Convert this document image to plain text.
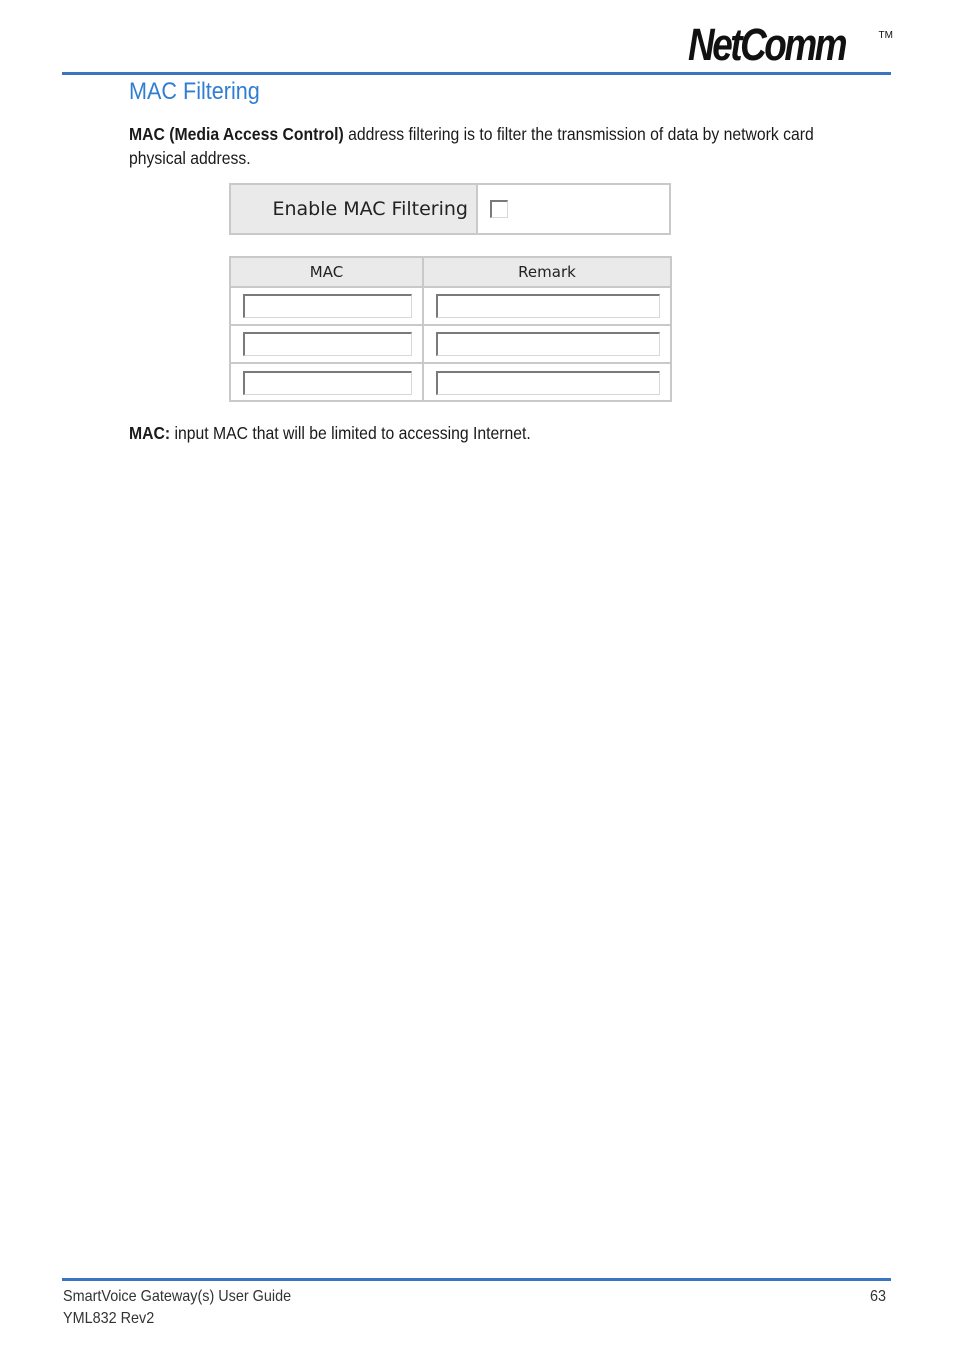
NetComm	TM
MAC Filtering
MAC (Media Access Control) address filtering is to filter the transmission of data by network card physical address.
Enable MAC Filtering
MAC	Remark
MAC: input MAC that will be limited to accessing Internet.
SmartVoice Gateway(s) User Guide
YML832 Rev2
63
